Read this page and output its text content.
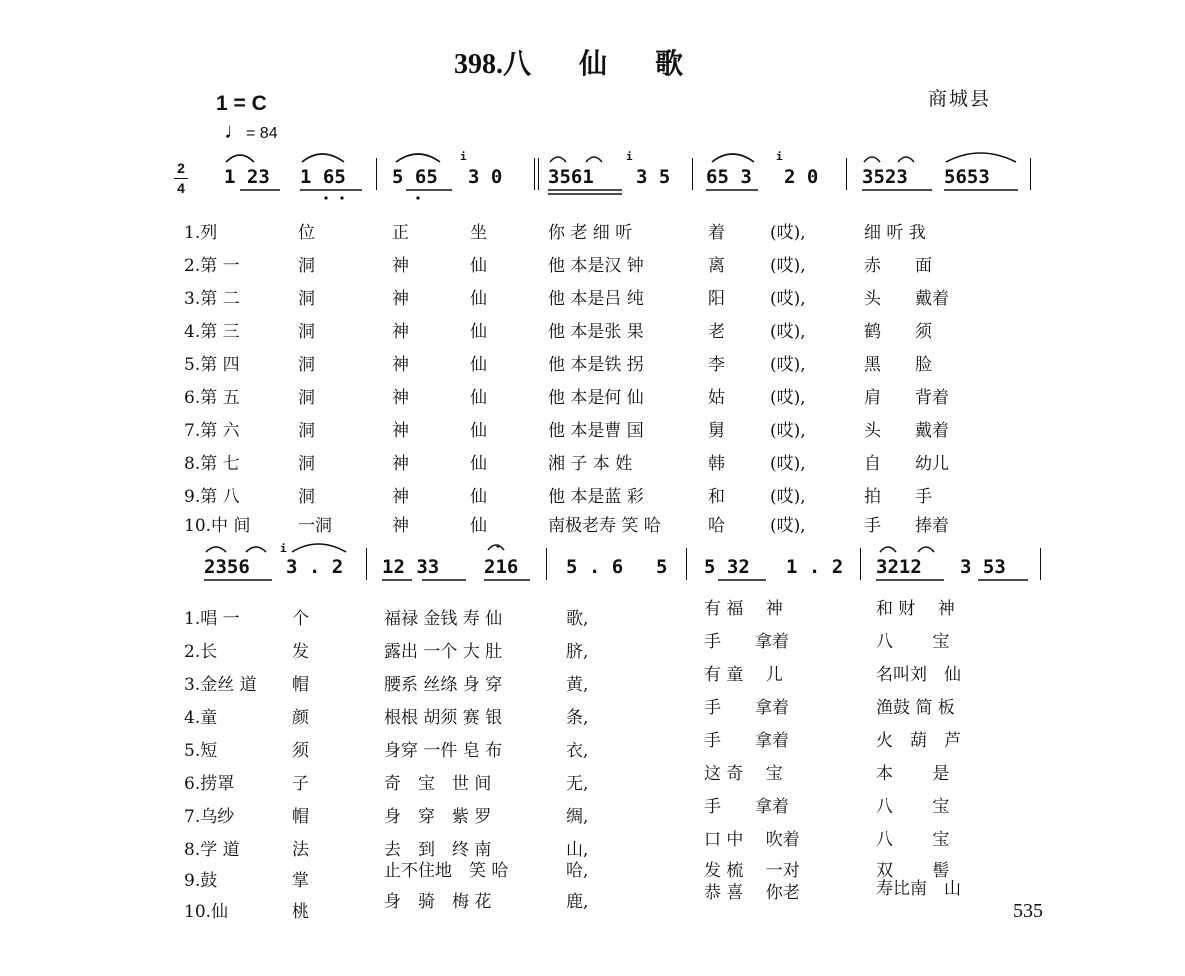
398.八仙歌
商城县
1 = C
♩= 84
2
4 1 23 1 65 5 65 3 0 3561 3 5 65 3 2 0 3523 5653
2356 3 . 2 12 33 216	5 . 6 5 5 32 1 . 2 3212 3 53
i	i	i
i
1.列	位	正	坐	你 老 细 听	着	(哎),	细 听 我
2.第 一	洞	神	仙	他 本是汉 钟	离	(哎),	赤　　面
3.第 二	洞	神	仙	他 本是吕 纯	阳	(哎),	头　　戴着
4.第 三	洞	神	仙	他 本是张 果	老	(哎),	鹤　　须
5.第 四	洞	神	仙	他 本是铁 拐	李	(哎),	黑　　脸
6.第 五	洞	神	仙	他 本是何 仙	姑	(哎),	肩　　背着
7.第 六	洞	神	仙	他 本是曹 国	舅	(哎),	头　　戴着
8.第 七	洞	神	仙	湘 子 本 姓	韩	(哎),	自　　幼儿
9.第 八	洞	神	仙	他 本是蓝 彩	和	(哎),	拍　　手
10.中 间	一洞	神	仙	南极老寿 笑 哈	哈	(哎),	手　　捧着
1.唱 一	个	福禄 金钱 寿 仙	歌,	有 福　 神	和 财　 神
2.长	发	露出 一个 大 肚	脐,	手　　拿着	八　　 宝
3.金丝 道 帽	腰系 丝绦 身 穿	黄,	有 童　 儿	名叫刘　仙
4.童	颜	根根 胡须 赛 银	条,	手　　拿着	渔鼓 简 板
5.短	须	身穿 一件 皂 布	衣,	手　　拿着	火　葫　芦
6.捞罩	子	奇　宝　世 间	无,	这 奇　 宝	本　　 是
7.乌纱	帽	身　穿　紫 罗	绸,	手　　拿着	八　　 宝
8.学 道	法	去　到　终 南	山,	口 中　 吹着	八　　 宝
9.鼓	掌	止不住地　笑 哈	哈,	发 梳　 一对	双　　 髻
10.仙	桃	身　骑　梅 花	鹿,	恭 喜　 你老	寿比南　山
535
